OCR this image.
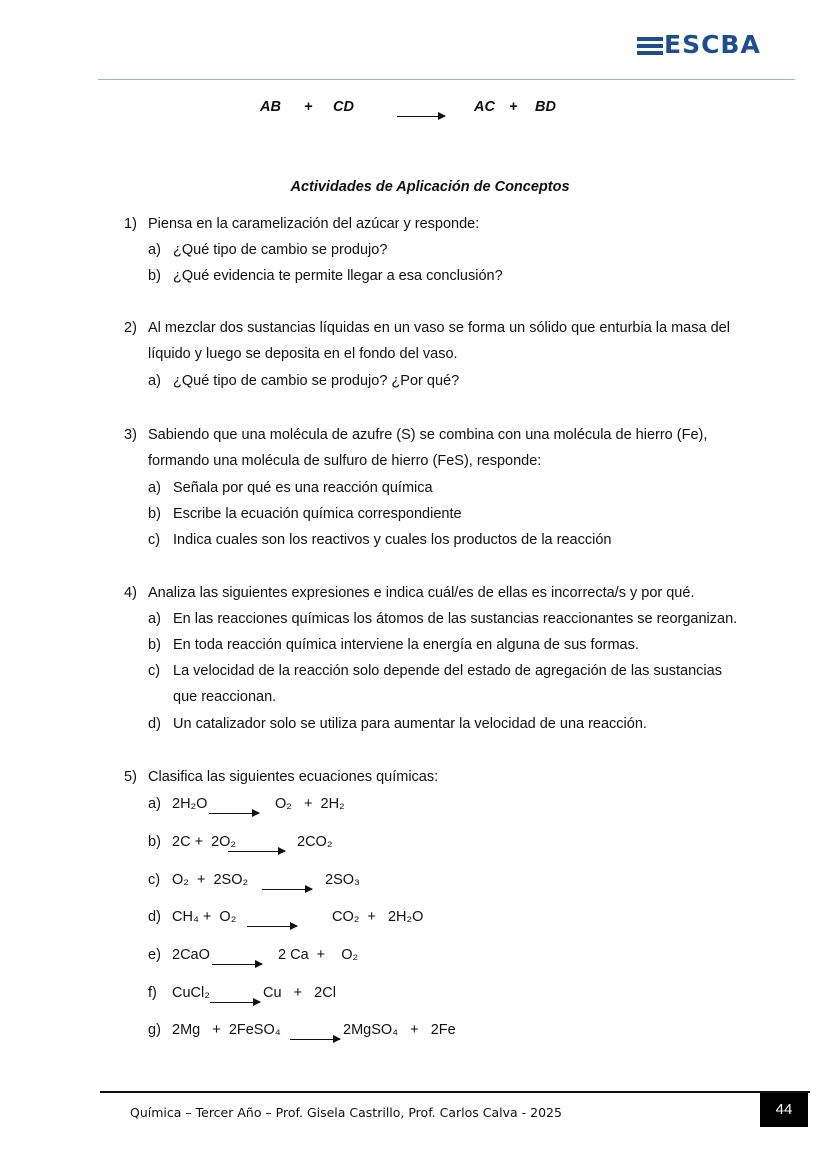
ESCBA
AB + CD	AC + BD
Actividades de Aplicación de Conceptos
1) Piensa en la caramelización del azúcar y responde:
a) ¿Qué tipo de cambio se produjo?
b) ¿Qué evidencia te permite llegar a esa conclusión?
2) Al mezclar dos sustancias líquidas en un vaso se forma un sólido que enturbia la masa del
líquido y luego se deposita en el fondo del vaso.
a) ¿Qué tipo de cambio se produjo? ¿Por qué?
3) Sabiendo que una molécula de azufre (S) se combina con una molécula de hierro (Fe),
formando una molécula de sulfuro de hierro (FeS), responde:
a) Señala por qué es una reacción química
b) Escribe la ecuación química correspondiente
c) Indica cuales son los reactivos y cuales los productos de la reacción
4) Analiza las siguientes expresiones e indica cuál/es de ellas es incorrecta/s y por qué.
a) En las reacciones químicas los átomos de las sustancias reaccionantes se reorganizan.
b) En toda reacción química interviene la energía en alguna de sus formas.
c) La velocidad de la reacción solo depende del estado de agregación de las sustancias
que reaccionan.
d) Un catalizador solo se utiliza para aumentar la velocidad de una reacción.
5) Clasifica las siguientes ecuaciones químicas:
a) 2H₂O	O₂   +  2H₂
b) 2C +  2O₂	2CO₂
c) O₂  +  2SO₂	2SO₃
d) CH₄ +  O₂	CO₂  +   2H₂O
e) 2CaO	2 Ca  +    O₂
f) CuCl₂	Cu   +   2Cl
g) 2Mg   +  2FeSO₄	2MgSO₄   +   2Fe
Química – Tercer Año – Prof. Gisela Castrillo, Prof. Carlos Calva - 2025	44
